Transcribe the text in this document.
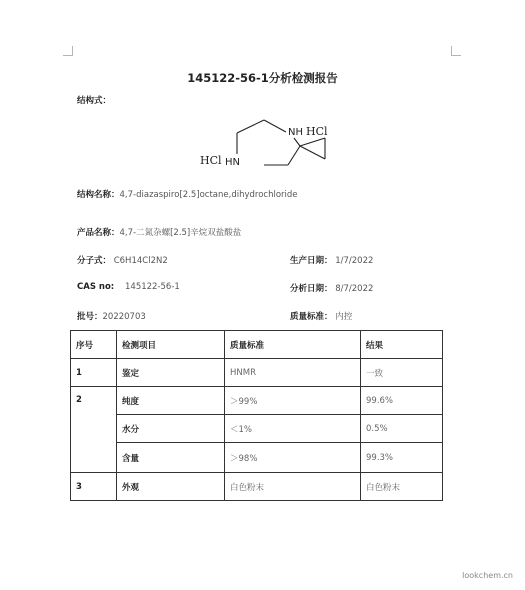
145122-56-1分析检测报告
结构式：
NH HCl
HCl HN
结构名称：4,7-diazaspiro[2.5]octane,dihydrochloride
产品名称：4,7-二氮杂螺[2.5]辛烷双盐酸盐
分子式： C6H14Cl2N2	生产日期： 1/7/2022
CAS no: 145122-56-1	分析日期： 8/7/2022
批号：20220703	质量标准： 内控
序号	检测项目	质量标准	结果
1	鉴定	HNMR	一致
2	纯度	＞99%	99.6%
	水分	＜1%	0.5%
	含量	＞98%	99.3%
3	外观	白色粉末	白色粉末
lookchem.cn
